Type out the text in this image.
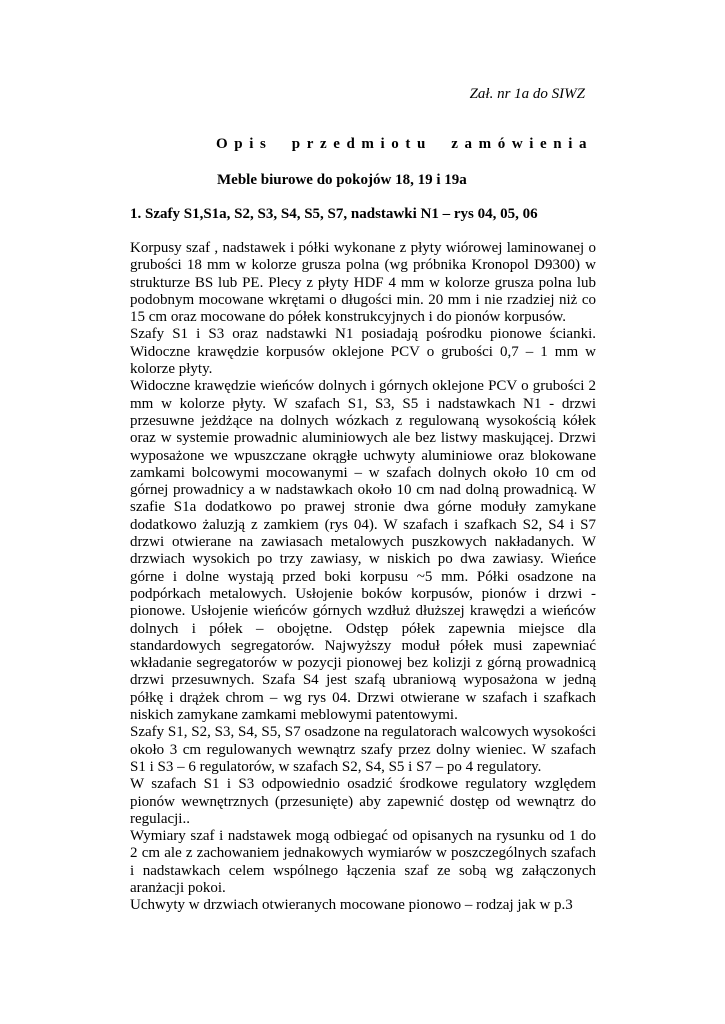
Zał. nr 1a do SIWZ
Opis przedmiotu zamówienia
Meble biurowe do pokojów 18, 19 i 19a
1. Szafy S1,S1a, S2, S3, S4, S5, S7, nadstawki N1 – rys 04, 05, 06

Korpusy szaf , nadstawek i półki wykonane z płyty wiórowej laminowanej o grubości 18 mm w kolorze grusza polna (wg próbnika Kronopol D9300) w strukturze BS lub PE. Plecy z płyty HDF 4 mm w kolorze grusza polna lub podobnym mocowane wkrętami o długości min. 20 mm i nie rzadziej niż co 15 cm oraz mocowane do półek konstrukcyjnych i do pionów korpusów.

Szafy S1 i S3 oraz nadstawki N1 posiadają pośrodku pionowe ścianki. Widoczne krawędzie korpusów oklejone PCV o grubości 0,7 – 1 mm w kolorze płyty.

Widoczne krawędzie wieńców dolnych i górnych oklejone PCV o grubości 2 mm w kolorze płyty. W szafach S1, S3, S5 i nadstawkach N1 - drzwi przesuwne jeżdżące na dolnych wózkach z regulowaną wysokością kółek oraz w systemie prowadnic aluminiowych ale bez listwy maskującej. Drzwi wyposażone we wpuszczane okrągłe uchwyty aluminiowe oraz blokowane zamkami bolcowymi mocowanymi – w szafach dolnych około 10 cm od górnej prowadnicy a w nadstawkach około 10 cm nad dolną prowadnicą. W szafie S1a dodatkowo po prawej stronie dwa górne moduły zamykane dodatkowo żaluzją z zamkiem (rys 04). W szafach i szafkach S2, S4 i S7 drzwi otwierane na zawiasach metalowych puszkowych nakładanych. W drzwiach wysokich po trzy zawiasy, w niskich po dwa zawiasy. Wieńce górne i dolne wystają przed boki korpusu ~5 mm. Półki osadzone na podpórkach metalowych. Usłojenie boków korpusów, pionów i drzwi - pionowe. Usłojenie wieńców górnych wzdłuż dłuższej krawędzi a wieńców dolnych i półek – obojętne. Odstęp półek zapewnia miejsce dla standardowych segregatorów. Najwyższy moduł półek musi zapewniać wkładanie segregatorów w pozycji pionowej bez kolizji z górną prowadnicą drzwi przesuwnych. Szafa S4 jest szafą ubraniową wyposażona w jedną półkę i drążek chrom – wg rys 04. Drzwi otwierane w szafach i szafkach niskich zamykane zamkami meblowymi patentowymi.

Szafy S1, S2, S3, S4, S5, S7 osadzone na regulatorach walcowych wysokości około 3 cm regulowanych wewnątrz szafy przez dolny wieniec. W szafach S1 i S3 – 6 regulatorów, w szafach S2, S4, S5 i S7 – po 4 regulatory.

W szafach S1 i S3 odpowiednio osadzić środkowe regulatory względem pionów wewnętrznych (przesunięte) aby zapewnić dostęp od wewnątrz do regulacji..

Wymiary szaf i nadstawek mogą odbiegać od opisanych na rysunku od 1 do 2 cm ale z zachowaniem jednakowych wymiarów w poszczególnych szafach i nadstawkach celem wspólnego łączenia szaf ze sobą wg załączonych aranżacji pokoi.

Uchwyty w drzwiach otwieranych mocowane pionowo – rodzaj jak w p.3
